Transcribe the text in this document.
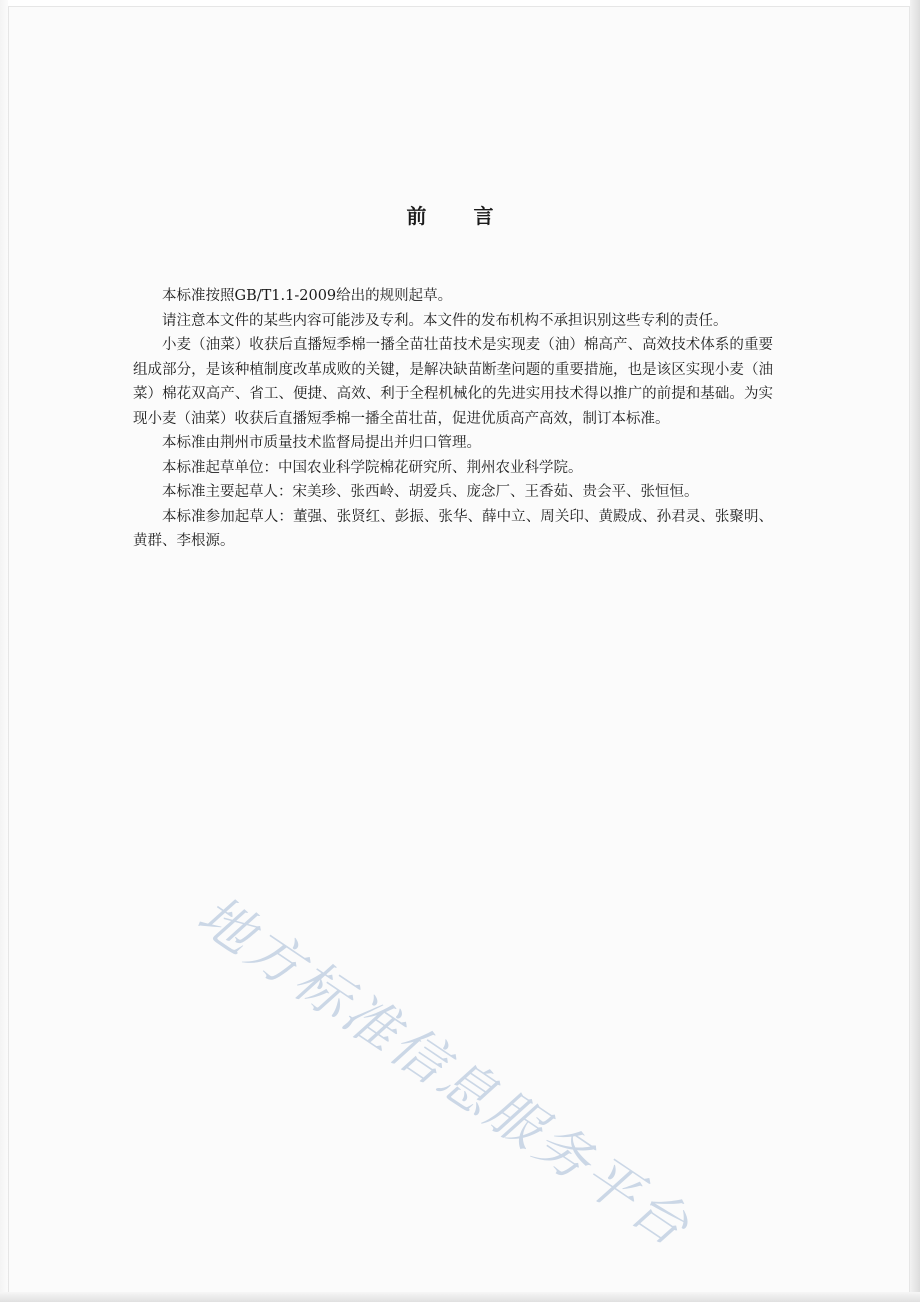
前 言

本标准按照GB/T1.1-2009给出的规则起草。

请注意本文件的某些内容可能涉及专利。本文件的发布机构不承担识别这些专利的责任。

小麦（油菜）收获后直播短季棉一播全苗壮苗技术是实现麦（油）棉高产、高效技术体系的重要组成部分，是该种植制度改革成败的关键，是解决缺苗断垄问题的重要措施，也是该区实现小麦（油菜）棉花双高产、省工、便捷、高效、利于全程机械化的先进实用技术得以推广的前提和基础。为实现小麦（油菜）收获后直播短季棉一播全苗壮苗，促进优质高产高效，制订本标准。

本标准由荆州市质量技术监督局提出并归口管理。

本标准起草单位：中国农业科学院棉花研究所、荆州农业科学院。

本标准主要起草人：宋美珍、张西岭、胡爱兵、庞念厂、王香茹、贵会平、张恒恒。

本标准参加起草人：董强、张贤红、彭振、张华、薛中立、周关印、黄殿成、孙君灵、张聚明、黄群、李根源。

地方标准信息服务平台
